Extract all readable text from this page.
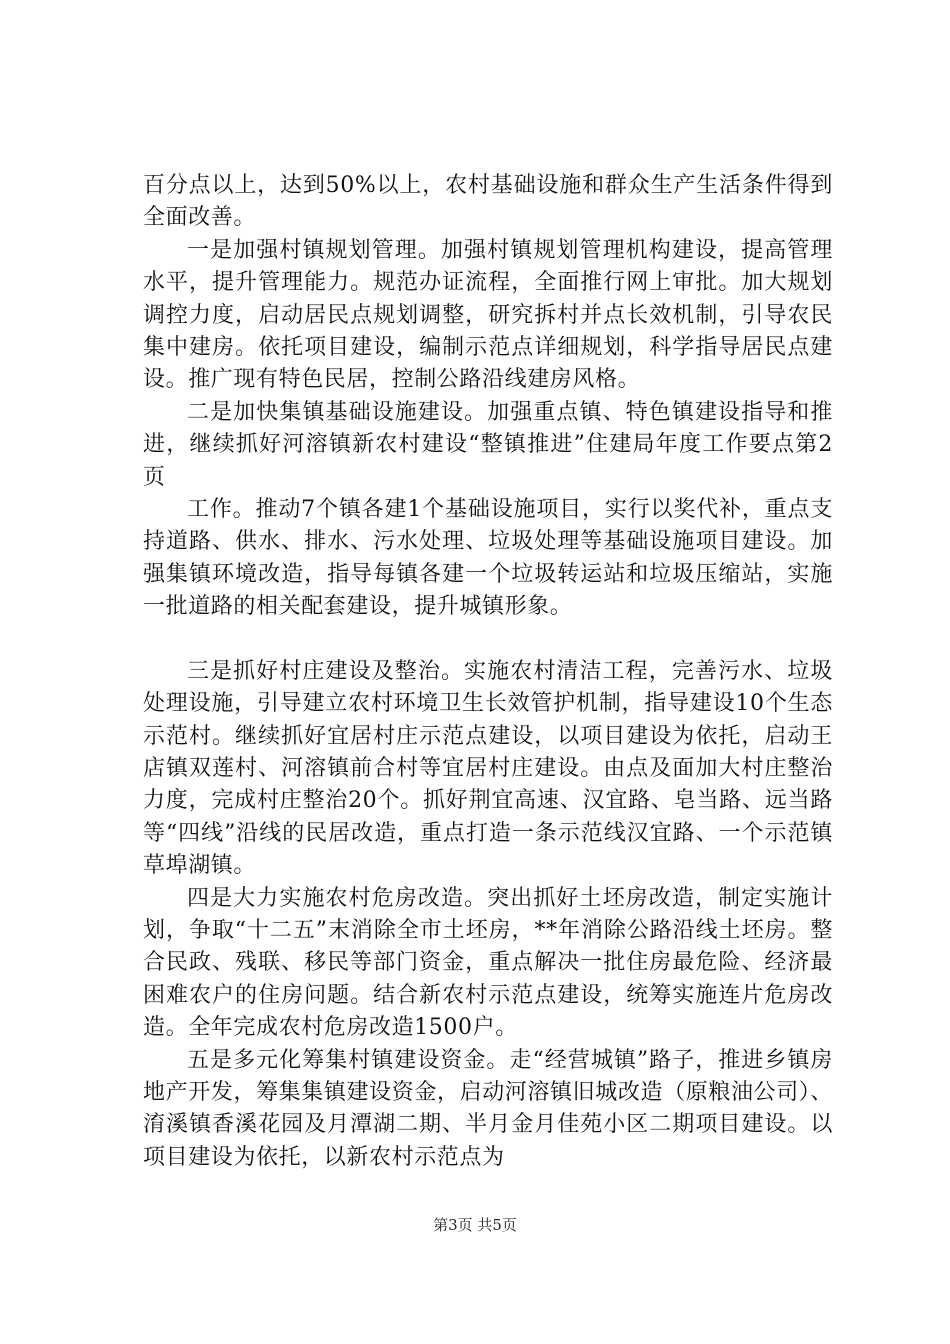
百分点以上，达到50%以上，农村基础设施和群众生产生活条件得到全面改善。

一是加强村镇规划管理。加强村镇规划管理机构建设，提高管理水平，提升管理能力。规范办证流程，全面推行网上审批。加大规划调控力度，启动居民点规划调整，研究拆村并点长效机制，引导农民集中建房。依托项目建设，编制示范点详细规划，科学指导居民点建设。推广现有特色民居，控制公路沿线建房风格。

二是加快集镇基础设施建设。加强重点镇、特色镇建设指导和推进，继续抓好河溶镇新农村建设“整镇推进”住建局年度工作要点第2页

工作。推动7个镇各建1个基础设施项目，实行以奖代补，重点支持道路、供水、排水、污水处理、垃圾处理等基础设施项目建设。加强集镇环境改造，指导每镇各建一个垃圾转运站和垃圾压缩站，实施一批道路的相关配套建设，提升城镇形象。

三是抓好村庄建设及整治。实施农村清洁工程，完善污水、垃圾处理设施，引导建立农村环境卫生长效管护机制，指导建设10个生态示范村。继续抓好宜居村庄示范点建设，以项目建设为依托，启动王店镇双莲村、河溶镇前合村等宜居村庄建设。由点及面加大村庄整治力度，完成村庄整治20个。抓好荆宜高速、汉宜路、皂当路、远当路等“四线”沿线的民居改造，重点打造一条示范线汉宜路、一个示范镇草埠湖镇。

四是大力实施农村危房改造。突出抓好土坯房改造，制定实施计划，争取“十二五”末消除全市土坯房，**年消除公路沿线土坯房。整合民政、残联、移民等部门资金，重点解决一批住房最危险、经济最困难农户的住房问题。结合新农村示范点建设，统筹实施连片危房改造。全年完成农村危房改造1500户。

五是多元化筹集村镇建设资金。走“经营城镇”路子，推进乡镇房地产开发，筹集集镇建设资金，启动河溶镇旧城改造（原粮油公司）、淯溪镇香溪花园及月潭湖二期、半月金月佳苑小区二期项目建设。以项目建设为依托，以新农村示范点为

第3页 共5页
